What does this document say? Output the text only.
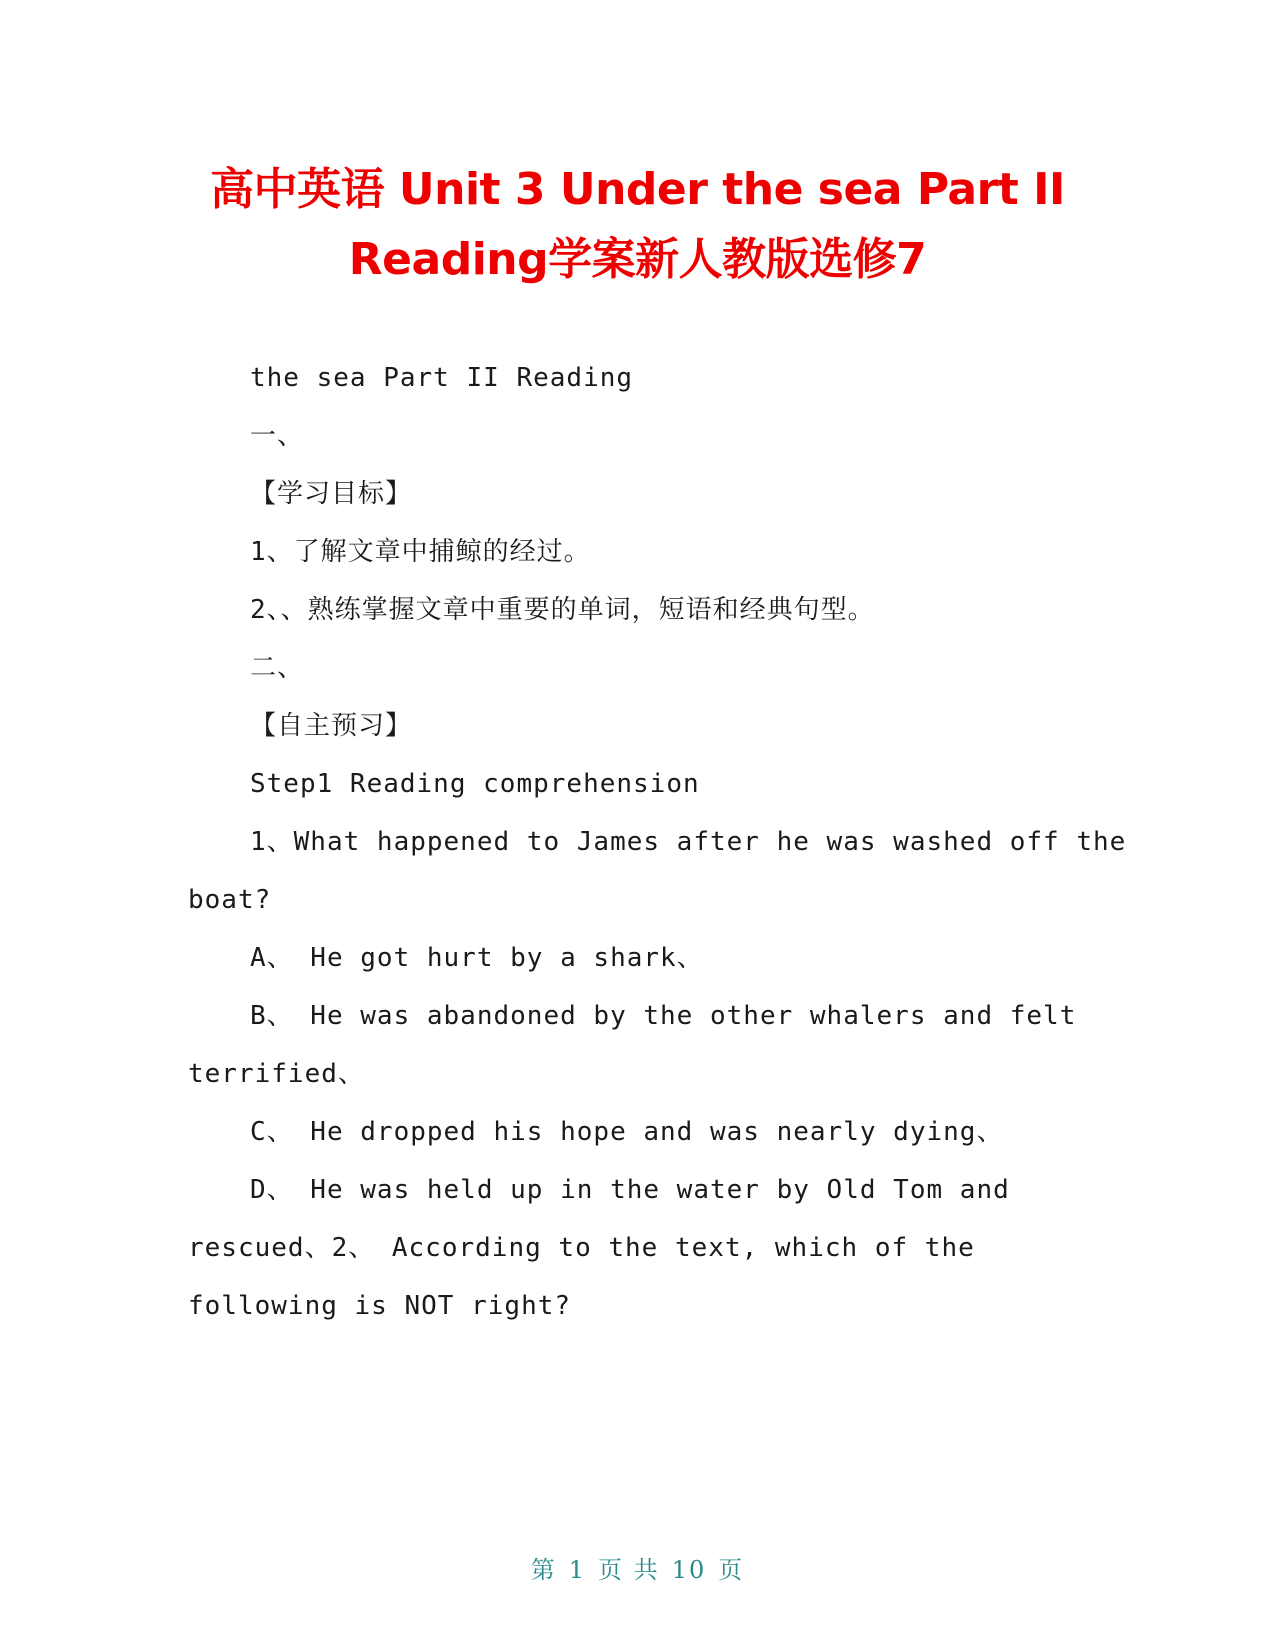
高中英语 Unit 3 Under the sea Part II
Reading学案新人教版选修7
the sea Part II Reading
一、
【学习目标】
1、了解文章中捕鲸的经过。
2、、熟练掌握文章中重要的单词，短语和经典句型。
二、
【自主预习】
Step1 Reading comprehension
1、What happened to James after he was washed off the
boat?
A、 He got hurt by a shark、
B、 He was abandoned by the other whalers and felt
terrified、
C、 He dropped his hope and was nearly dying、
D、 He was held up in the water by Old Tom and
rescued、2、 According to the text, which of the
following is NOT right?
第 1 页 共 10 页
